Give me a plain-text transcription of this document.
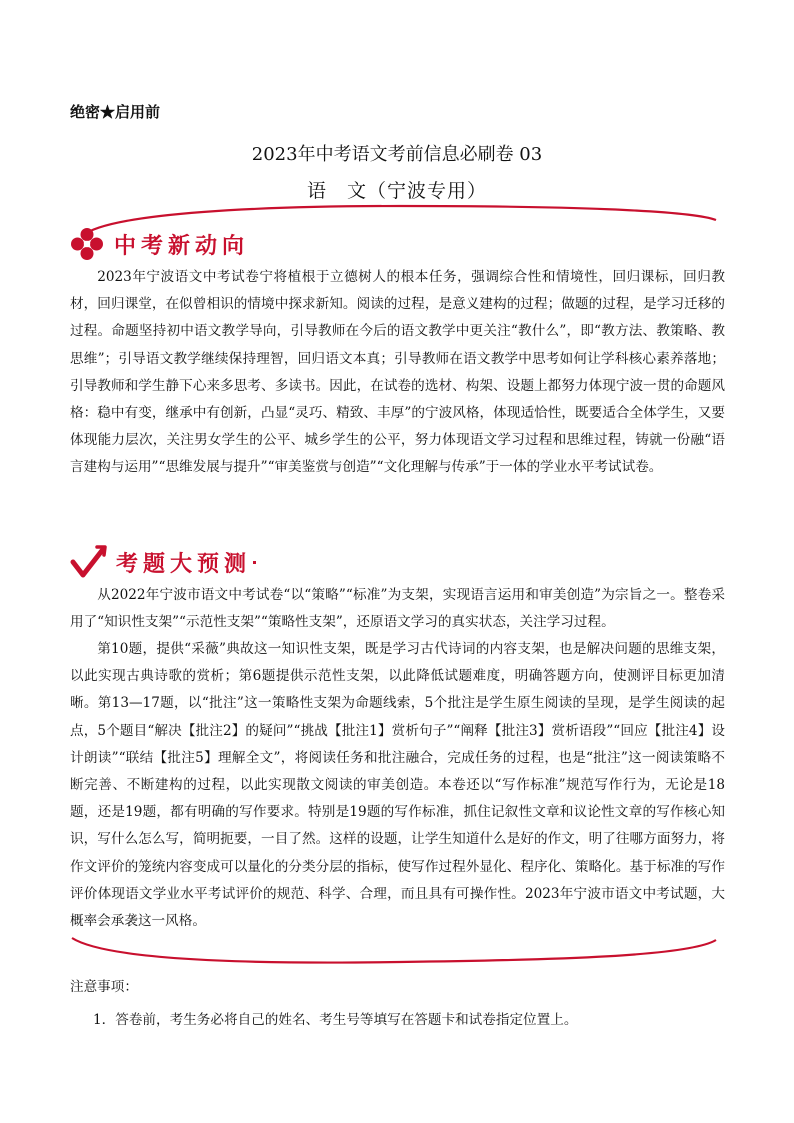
绝密★启用前
2023年中考语文考前信息必刷卷 03
语　文（宁波专用）
中考新动向

2023年宁波语文中考试卷宁将植根于立德树人的根本任务，强调综合性和情境性，回归课标，回归教材，回归课堂，在似曾相识的情境中探求新知。阅读的过程，是意义建构的过程；做题的过程，是学习迁移的过程。命题坚持初中语文教学导向，引导教师在今后的语文教学中更关注“教什么”，即“教方法、教策略、教思维”；引导语文教学继续保持理智，回归语文本真；引导教师在语文教学中思考如何让学科核心素养落地；引导教师和学生静下心来多思考、多读书。因此，在试卷的选材、构架、设题上都努力体现宁波一贯的命题风格：稳中有变，继承中有创新，凸显“灵巧、精致、丰厚”的宁波风格，体现适恰性，既要适合全体学生，又要体现能力层次，关注男女学生的公平、城乡学生的公平，努力体现语文学习过程和思维过程，铸就一份融“语言建构与运用”“思维发展与提升”“审美鉴赏与创造”“文化理解与传承”于一体的学业水平考试试卷。

考题大预测

从2022年宁波市语文中考试卷“以“策略”“标准”为支架，实现语言运用和审美创造”为宗旨之一。整卷采用了“知识性支架”“示范性支架”“策略性支架”，还原语文学习的真实状态，关注学习过程。

第10题，提供“采薇”典故这一知识性支架，既是学习古代诗词的内容支架，也是解决问题的思维支架，以此实现古典诗歌的赏析；第6题提供示范性支架，以此降低试题难度，明确答题方向，使测评目标更加清晰。第13—17题，以“批注”这一策略性支架为命题线索，5个批注是学生原生阅读的呈现，是学生阅读的起点，5个题目“解决【批注2】的疑问”“挑战【批注1】赏析句子”“阐释【批注3】赏析语段”“回应【批注4】设计朗读”“联结【批注5】理解全文”，将阅读任务和批注融合，完成任务的过程，也是“批注”这一阅读策略不断完善、不断建构的过程，以此实现散文阅读的审美创造。本卷还以“写作标准”规范写作行为，无论是18题，还是19题，都有明确的写作要求。特别是19题的写作标准，抓住记叙性文章和议论性文章的写作核心知识，写什么怎么写，简明扼要，一目了然。这样的设题，让学生知道什么是好的作文，明了往哪方面努力，将作文评价的笼统内容变成可以量化的分类分层的指标，使写作过程外显化、程序化、策略化。基于标准的写作评价体现语文学业水平考试评价的规范、科学、合理，而且具有可操作性。2023年宁波市语文中考试题，大概率会承袭这一风格。

注意事项：
1．答卷前，考生务必将自己的姓名、考生号等填写在答题卡和试卷指定位置上。
